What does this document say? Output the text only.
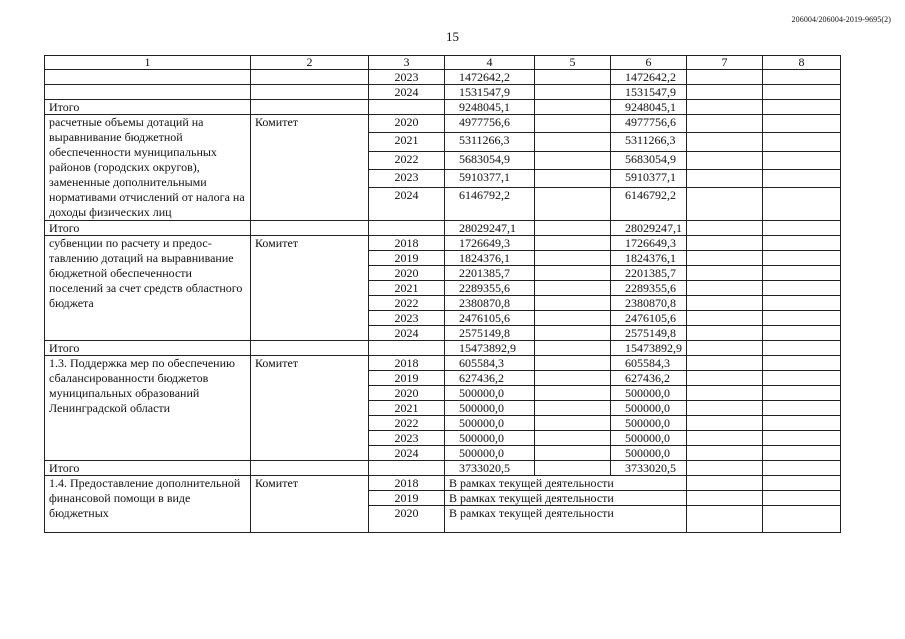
206004/206004-2019-9695(2)
15
1	2	3	4	5	6	7	8
		2023	1472642,2		1472642,2		
		2024	1531547,9		1531547,9		
Итого			9248045,1		9248045,1		
расчетные объемы дотаций на выравнивание бюджетной обеспеченности муниципальных районов (городских округов), замененные дополнительными нормативами отчислений от налога на доходы физических лиц	Комитет	2020	4977756,6		4977756,6		
		2021	5311266,3		5311266,3		
		2022	5683054,9		5683054,9		
		2023	5910377,1		5910377,1		
		2024	6146792,2		6146792,2		
Итого			28029247,1		28029247,1		
субвенции по расчету и предос-тавлению дотаций на выравнивание бюджетной обеспеченности поселений за счет средств областного бюджета	Комитет	2018	1726649,3		1726649,3		
		2019	1824376,1		1824376,1		
		2020	2201385,7		2201385,7		
		2021	2289355,6		2289355,6		
		2022	2380870,8		2380870,8		
		2023	2476105,6		2476105,6		
		2024	2575149,8		2575149,8		
Итого			15473892,9		15473892,9		
1.3. Поддержка мер по обеспечению сбалансированности бюджетов муниципальных образований Ленинградской области	Комитет	2018	605584,3		605584,3		
		2019	627436,2		627436,2		
		2020	500000,0		500000,0		
		2021	500000,0		500000,0		
		2022	500000,0		500000,0		
		2023	500000,0		500000,0		
		2024	500000,0		500000,0		
Итого			3733020,5		3733020,5		
1.4. Предоставление дополнительной финансовой помощи в виде бюджетных	Комитет	2018	В рамках текущей деятельности				
		2019	В рамках текущей деятельности				
		2020	В рамках текущей деятельности				
